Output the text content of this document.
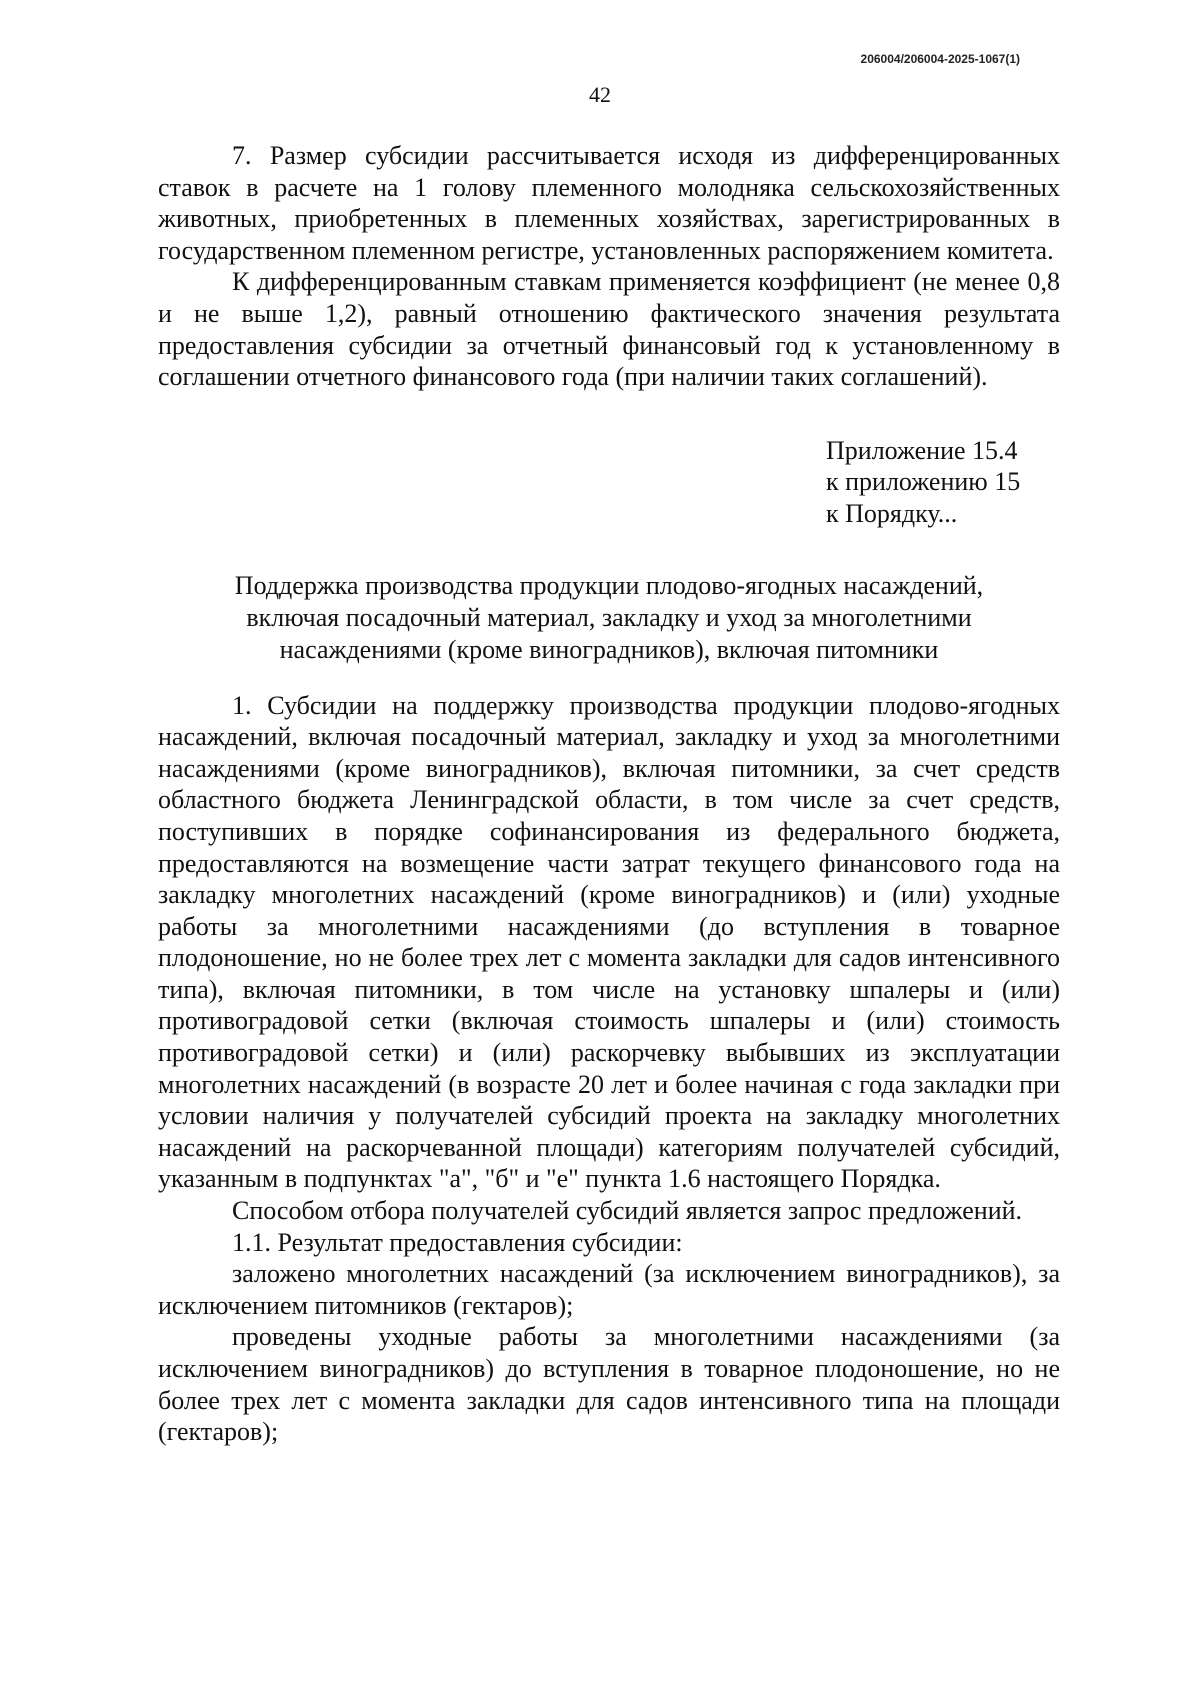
206004/206004-2025-1067(1)
42

7. Размер субсидии рассчитывается исходя из дифференцированных ставок в расчете на 1 голову племенного молодняка сельскохозяйственных животных, приобретенных в племенных хозяйствах, зарегистрированных в государственном племенном регистре, установленных распоряжением комитета.

К дифференцированным ставкам применяется коэффициент (не менее 0,8 и не выше 1,2), равный отношению фактического значения результата предоставления субсидии за отчетный финансовый год к установленному в соглашении отчетного финансового года (при наличии таких соглашений).

Приложение 15.4
к приложению 15
к Порядку...
Поддержка производства продукции плодово-ягодных насаждений,
включая посадочный материал, закладку и уход за многолетними
насаждениями (кроме виноградников), включая питомники

1. Субсидии на поддержку производства продукции плодово-ягодных насаждений, включая посадочный материал, закладку и уход за многолетними насаждениями (кроме виноградников), включая питомники, за счет средств областного бюджета Ленинградской области, в том числе за счет средств, поступивших в порядке софинансирования из федерального бюджета, предоставляются на возмещение части затрат текущего финансового года на закладку многолетних насаждений (кроме виноградников) и (или) уходные работы за многолетними насаждениями (до вступления в товарное плодоношение, но не более трех лет с момента закладки для садов интенсивного типа), включая питомники, в том числе на установку шпалеры и (или) противоградовой сетки (включая стоимость шпалеры и (или) стоимость противоградовой сетки) и (или) раскорчевку выбывших из эксплуатации многолетних насаждений (в возрасте 20 лет и более начиная с года закладки при условии наличия у получателей субсидий проекта на закладку многолетних насаждений на раскорчеванной площади) категориям получателей субсидий, указанным в подпунктах "а", "б" и "е" пункта 1.6 настоящего Порядка.

Способом отбора получателей субсидий является запрос предложений.

1.1. Результат предоставления субсидии:

заложено многолетних насаждений (за исключением виноградников), за исключением питомников (гектаров);

проведены уходные работы за многолетними насаждениями (за исключением виноградников) до вступления в товарное плодоношение, но не более трех лет с момента закладки для садов интенсивного типа на площади (гектаров);
